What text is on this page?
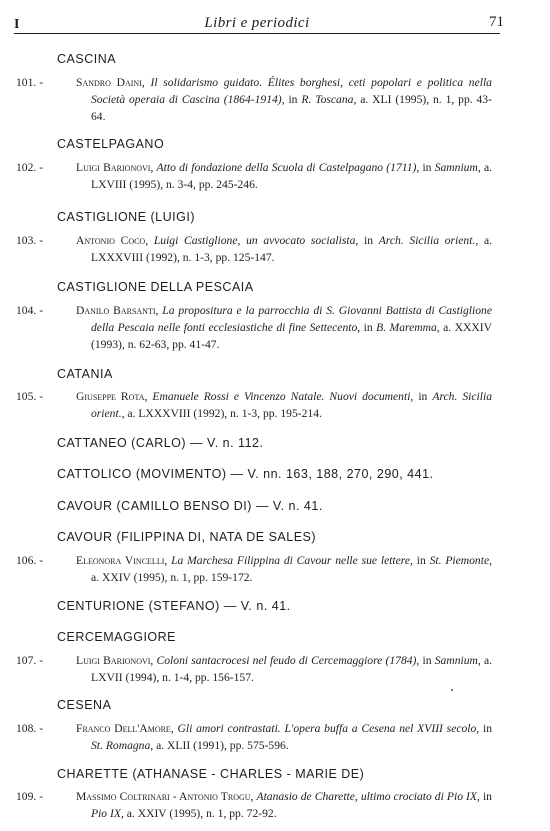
I	Libri e periodici	71
CASCINA
101. -	Sandro Daini, Il solidarismo guidato. Élites borghesi, ceti popolari e politica nella Società operaia di Cascina (1864-1914), in R. Toscana, a. XLI (1995), n. 1, pp. 43-64.
CASTELPAGANO
102. -	Luigi Barionovi, Atto di fondazione della Scuola di Castelpagano (1711), in Samnium, a. LXVIII (1995), n. 3-4, pp. 245-246.
CASTIGLIONE (LUIGI)
103. -	Antonio Coco, Luigi Castiglione, un avvocato socialista, in Arch. Sicilia orient., a. LXXXVIII (1992), n. 1-3, pp. 125-147.
CASTIGLIONE DELLA PESCAIA
104. -	Danilo Barsanti, La propositura e la parrocchia di S. Giovanni Battista di Castiglione della Pescaia nelle fonti ecclesiastiche di fine Settecento, in B. Maremma, a. XXXIV (1993), n. 62-63, pp. 41-47.
CATANIA
105. -	Giuseppe Rota, Emanuele Rossi e Vincenzo Natale. Nuovi documenti, in Arch. Sicilia orient., a. LXXXVIII (1992), n. 1-3, pp. 195-214.
CATTANEO (CARLO) — V. n. 112.
CATTOLICO (MOVIMENTO) — V. nn. 163, 188, 270, 290, 441.
CAVOUR (CAMILLO BENSO DI) — V. n. 41.
CAVOUR (FILIPPINA DI, NATA DE SALES)
106. -	Eleonora Vincelli, La Marchesa Filippina di Cavour nelle sue lettere, in St. Piemonte, a. XXIV (1995), n. 1, pp. 159-172.
CENTURIONE (STEFANO) — V. n. 41.
CERCEMAGGIORE
107. -	Luigi Barionovi, Coloni santacrocesi nel feudo di Cercemaggiore (1784), in Samnium, a. LXVII (1994), n. 1-4, pp. 156-157.
CESENA
108. -	Franco Dell'Amore, Gli amori contrastati. L'opera buffa a Cesena nel XVIII secolo, in St. Romagna, a. XLII (1991), pp. 575-596.
CHARETTE (ATHANASE - CHARLES - MARIE DE)
109. -	Massimo Coltrinari - Antonio Trogu, Atanasio de Charette, ultimo crociato di Pio IX, in Pio IX, a. XXIV (1995), n. 1, pp. 72-92.
